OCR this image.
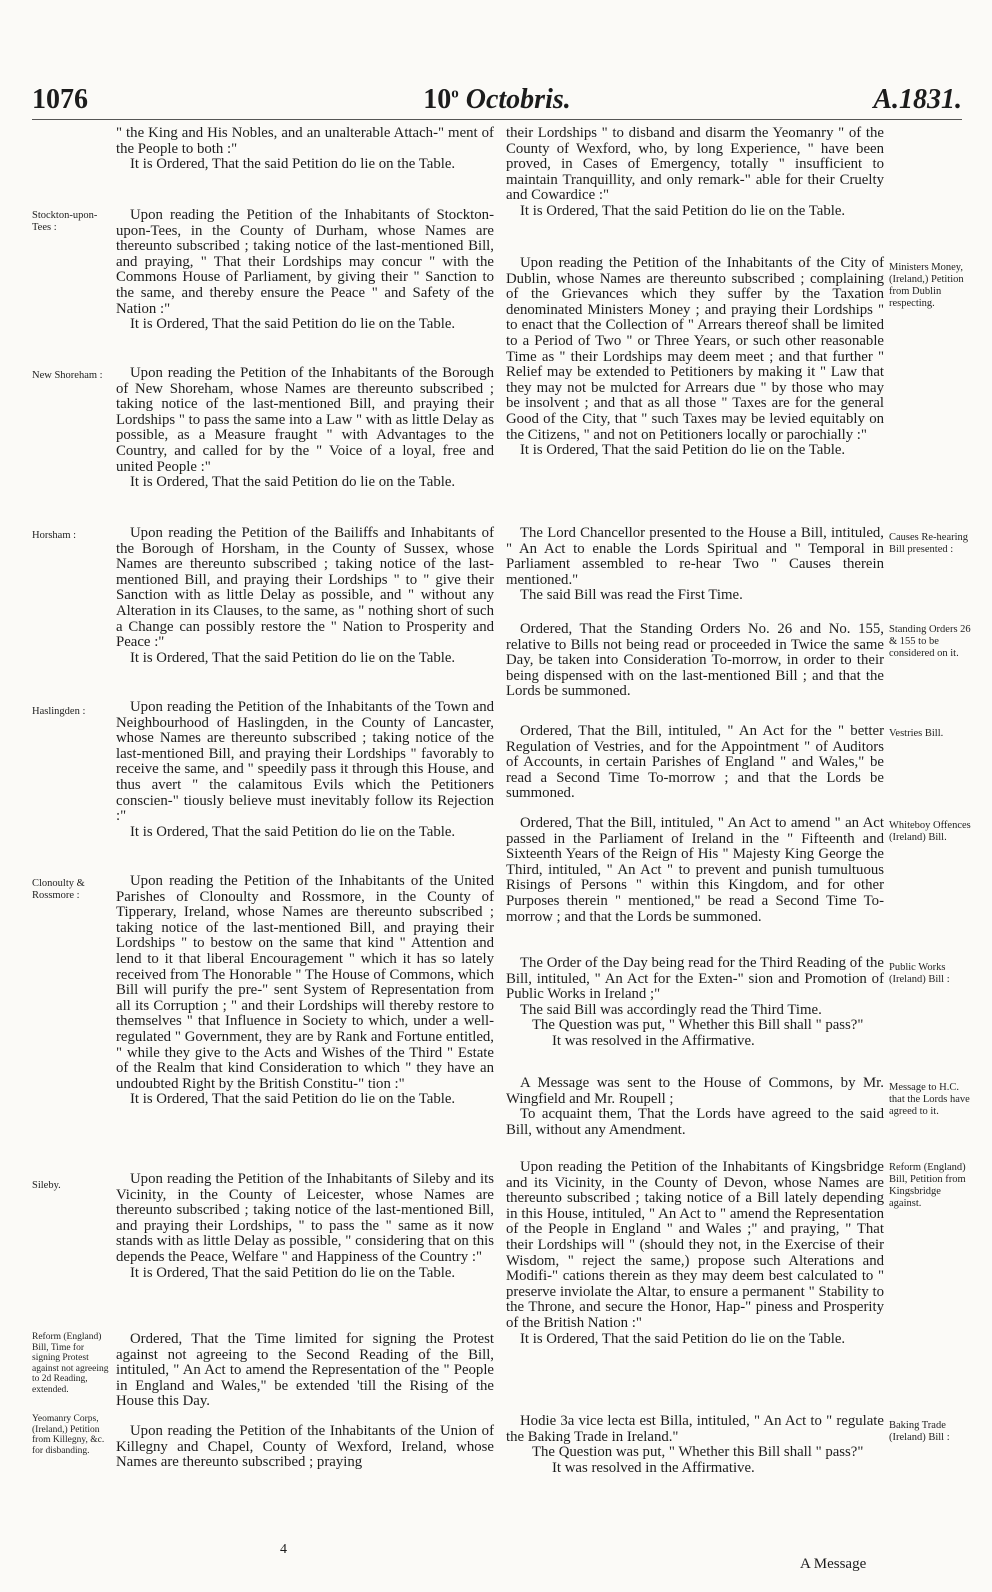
1076	10$^o$ Octobris.	A.1831.

" the King and His Nobles, and an unalterable Attach-" ment of the People to both :"

It is Ordered, That the said Petition do lie on the Table.

Upon reading the Petition of the Inhabitants of Stockton-upon-Tees, in the County of Durham, whose Names are thereunto subscribed ; taking notice of the last-mentioned Bill, and praying, " That their Lordships may concur " with the Commons House of Parliament, by giving their " Sanction to the same, and thereby ensure the Peace " and Safety of the Nation :"

It is Ordered, That the said Petition do lie on the Table.

Upon reading the Petition of the Inhabitants of the Borough of New Shoreham, whose Names are thereunto subscribed ; taking notice of the last-mentioned Bill, and praying their Lordships " to pass the same into a Law " with as little Delay as possible, as a Measure fraught " with Advantages to the Country, and called for by the " Voice of a loyal, free and united People :"

It is Ordered, That the said Petition do lie on the Table.

Upon reading the Petition of the Bailiffs and Inhabitants of the Borough of Horsham, in the County of Sussex, whose Names are thereunto subscribed ; taking notice of the last-mentioned Bill, and praying their Lordships " to " give their Sanction with as little Delay as possible, and " without any Alteration in its Clauses, to the same, as " nothing short of such a Change can possibly restore the " Nation to Prosperity and Peace :"

It is Ordered, That the said Petition do lie on the Table.

Upon reading the Petition of the Inhabitants of the Town and Neighbourhood of Haslingden, in the County of Lancaster, whose Names are thereunto subscribed ; taking notice of the last-mentioned Bill, and praying their Lordships " favorably to receive the same, and " speedily pass it through this House, and thus avert " the calamitous Evils which the Petitioners conscien-" tiously believe must inevitably follow its Rejection :"

It is Ordered, That the said Petition do lie on the Table.

Upon reading the Petition of the Inhabitants of the United Parishes of Clonoulty and Rossmore, in the County of Tipperary, Ireland, whose Names are thereunto subscribed ; taking notice of the last-mentioned Bill, and praying their Lordships " to bestow on the same that kind " Attention and lend to it that liberal Encouragement " which it has so lately received from The Honorable " The House of Commons, which Bill will purify the pre-" sent System of Representation from all its Corruption ; " and their Lordships will thereby restore to themselves " that Influence in Society to which, under a well-regulated " Government, they are by Rank and Fortune entitled, " while they give to the Acts and Wishes of the Third " Estate of the Realm that kind Consideration to which " they have an undoubted Right by the British Constitu-" tion :"

It is Ordered, That the said Petition do lie on the Table.

Upon reading the Petition of the Inhabitants of Sileby and its Vicinity, in the County of Leicester, whose Names are thereunto subscribed ; taking notice of the last-mentioned Bill, and praying their Lordships, " to pass the " same as it now stands with as little Delay as possible, " considering that on this depends the Peace, Welfare " and Happiness of the Country :"

It is Ordered, That the said Petition do lie on the Table.

Ordered, That the Time limited for signing the Protest against not agreeing to the Second Reading of the Bill, intituled, " An Act to amend the Representation of the " People in England and Wales," be extended 'till the Rising of the House this Day.

Upon reading the Petition of the Inhabitants of the Union of Killegny and Chapel, County of Wexford, Ireland, whose Names are thereunto subscribed ; praying

their Lordships " to disband and disarm the Yeomanry " of the County of Wexford, who, by long Experience, " have been proved, in Cases of Emergency, totally " insufficient to maintain Tranquillity, and only remark-" able for their Cruelty and Cowardice :"

It is Ordered, That the said Petition do lie on the Table.

Upon reading the Petition of the Inhabitants of the City of Dublin, whose Names are thereunto subscribed ; complaining of the Grievances which they suffer by the Taxation denominated Ministers Money ; and praying their Lordships " to enact that the Collection of " Arrears thereof shall be limited to a Period of Two " or Three Years, or such other reasonable Time as " their Lordships may deem meet ; and that further " Relief may be extended to Petitioners by making it " Law that they may not be mulcted for Arrears due " by those who may be insolvent ; and that as all those " Taxes are for the general Good of the City, that " such Taxes may be levied equitably on the Citizens, " and not on Petitioners locally or parochially :"

It is Ordered, That the said Petition do lie on the Table.

The Lord Chancellor presented to the House a Bill, intituled, " An Act to enable the Lords Spiritual and " Temporal in Parliament assembled to re-hear Two " Causes therein mentioned."

The said Bill was read the First Time.

Ordered, That the Standing Orders No. 26 and No. 155, relative to Bills not being read or proceeded in Twice the same Day, be taken into Consideration To-morrow, in order to their being dispensed with on the last-mentioned Bill ; and that the Lords be summoned.

Ordered, That the Bill, intituled, " An Act for the " better Regulation of Vestries, and for the Appointment " of Auditors of Accounts, in certain Parishes of England " and Wales," be read a Second Time To-morrow ; and that the Lords be summoned.

Ordered, That the Bill, intituled, " An Act to amend " an Act passed in the Parliament of Ireland in the " Fifteenth and Sixteenth Years of the Reign of His " Majesty King George the Third, intituled, " An Act " to prevent and punish tumultuous Risings of Persons " within this Kingdom, and for other Purposes therein " mentioned," be read a Second Time To-morrow ; and that the Lords be summoned.

The Order of the Day being read for the Third Reading of the Bill, intituled, " An Act for the Exten-" sion and Promotion of Public Works in Ireland ;"

The said Bill was accordingly read the Third Time.

The Question was put, " Whether this Bill shall " pass?"

It was resolved in the Affirmative.

A Message was sent to the House of Commons, by Mr. Wingfield and Mr. Roupell ;

To acquaint them, That the Lords have agreed to the said Bill, without any Amendment.

Upon reading the Petition of the Inhabitants of Kingsbridge and its Vicinity, in the County of Devon, whose Names are thereunto subscribed ; taking notice of a Bill lately depending in this House, intituled, " An Act to " amend the Representation of the People in England " and Wales ;" and praying, " That their Lordships will " (should they not, in the Exercise of their Wisdom, " reject the same,) propose such Alterations and Modifi-" cations therein as they may deem best calculated to " preserve inviolate the Altar, to ensure a permanent " Stability to the Throne, and secure the Honor, Hap-" piness and Prosperity of the British Nation :"

It is Ordered, That the said Petition do lie on the Table.

Hodie 3a vice lecta est Billa, intituled, " An Act to " regulate the Baking Trade in Ireland."

The Question was put, " Whether this Bill shall " pass?"

It was resolved in the Affirmative.

Stockton-upon-Tees :
New Shoreham :
Horsham :
Haslingden :
Clonoulty & Rossmore :
Sileby.
Reform (England) Bill, Time for signing Protest against not agreeing to 2d Reading, extended.
Yeomanry Corps, (Ireland,) Petition from Killegny, &c. for disbanding.
Ministers Money, (Ireland,) Petition from Dublin respecting.
Causes Re-hearing Bill presented :
Standing Orders 26 & 155 to be considered on it.
Vestries Bill.
Whiteboy Offences (Ireland) Bill.
Public Works (Ireland) Bill :
Message to H.C. that the Lords have agreed to it.
Reform (England) Bill, Petition from Kingsbridge against.
Baking Trade (Ireland) Bill :
4
A Message
